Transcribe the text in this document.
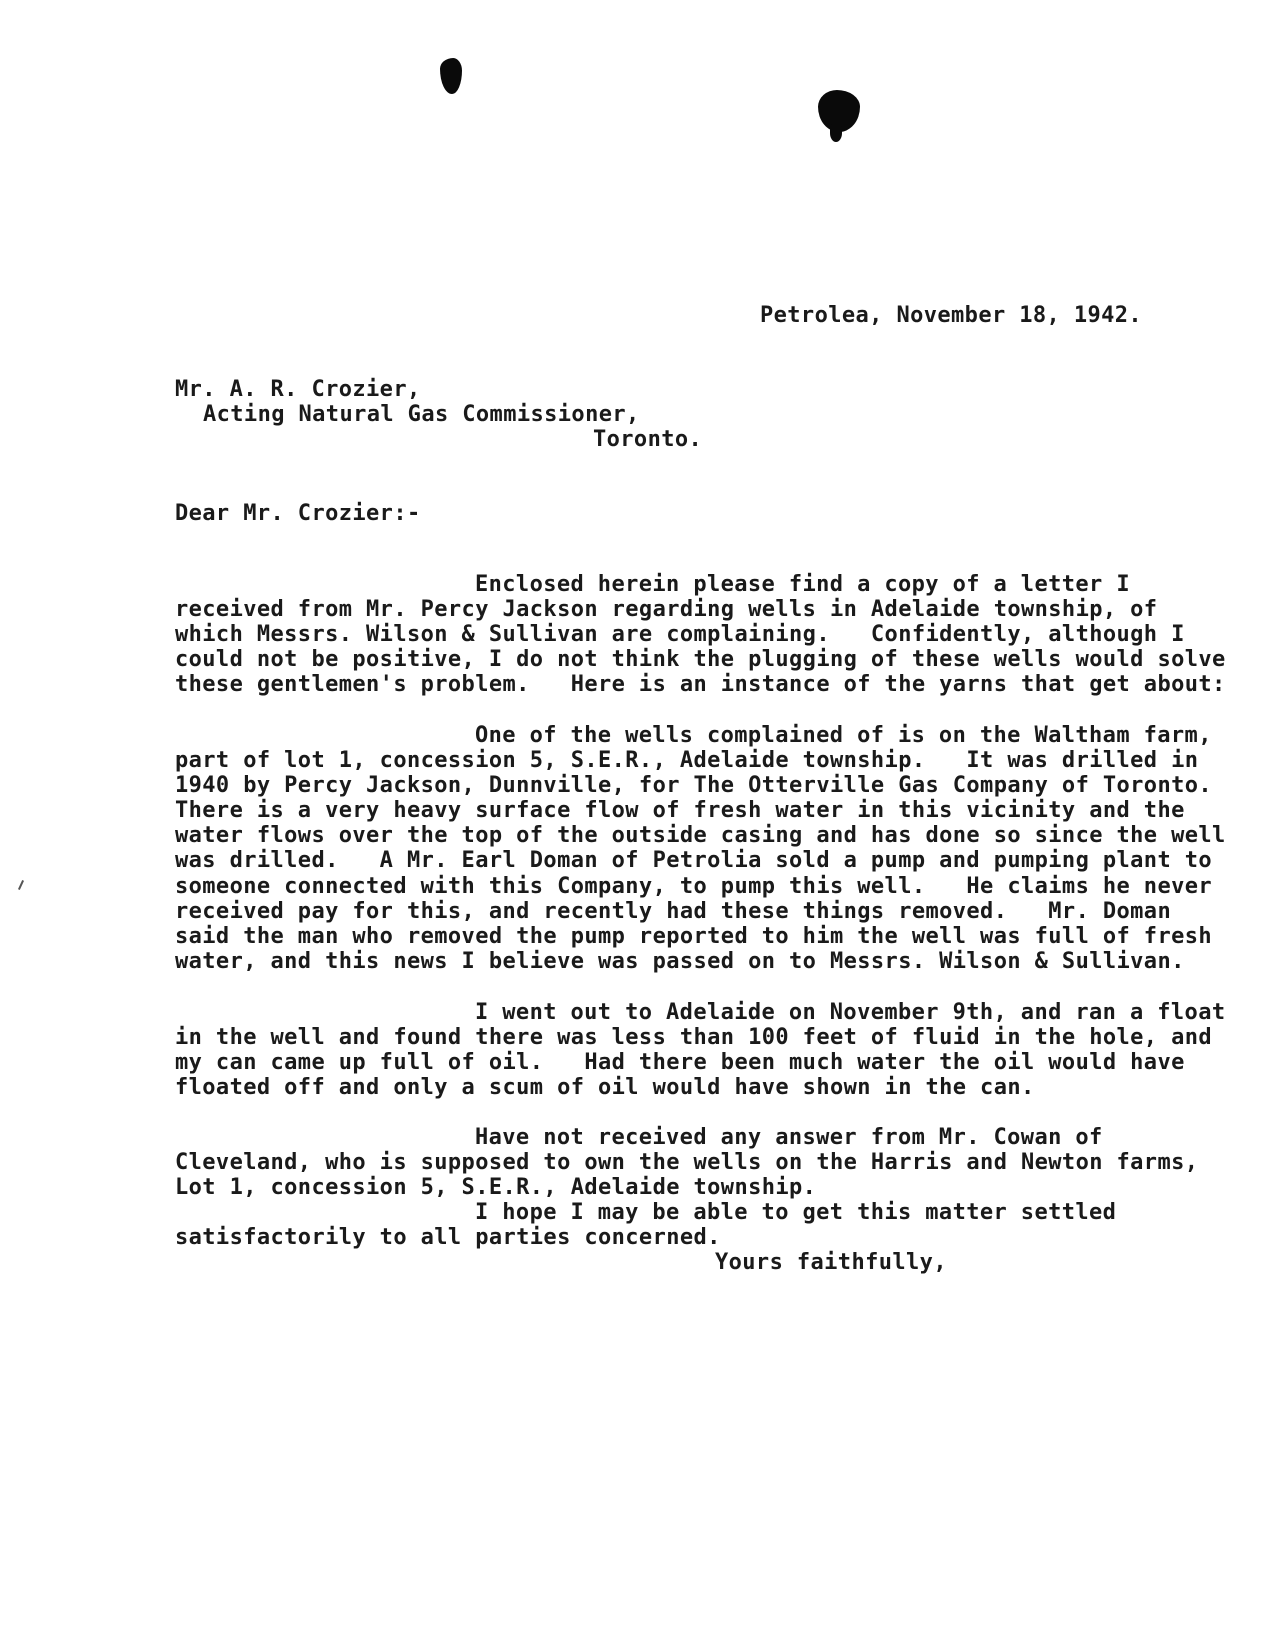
Petrolea, November 18, 1942.
Mr. A. R. Crozier,
Acting Natural Gas Commissioner,
Toronto.
Dear Mr. Crozier:-

Enclosed herein please find a copy of a letter I received from Mr. Percy Jackson regarding wells in Adelaide township, of which Messrs. Wilson & Sullivan are complaining.   Confidently, although I could not be positive, I do not think the plugging of these wells would solve these gentlemen's problem.   Here is an instance of the yarns that get about:

One of the wells complained of is on the Waltham farm, part of lot 1, concession 5, S.E.R., Adelaide township.   It was drilled in 1940 by Percy Jackson, Dunnville, for The Otterville Gas Company of Toronto.   There is a very heavy surface flow of fresh water in this vicinity and the water flows over the top of the outside casing and has done so since the well was drilled.   A Mr. Earl Doman of Petrolia sold a pump and pumping plant to someone connected with this Company, to pump this well.   He claims he never received pay for this, and recently had these things removed.   Mr. Doman said the man who removed the pump reported to him the well was full of fresh water, and this news I believe was passed on to Messrs. Wilson & Sullivan.

I went out to Adelaide on November 9th, and ran a float in the well and found there was less than 100 feet of fluid in the hole, and my can came up full of oil.   Had there been much water the oil would have floated off and only a scum of oil would have shown in the can.

Have not received any answer from Mr. Cowan of Cleveland, who is supposed to own the wells on the Harris and Newton farms, Lot 1, concession 5, S.E.R., Adelaide township.

I hope I may be able to get this matter settled satisfactorily to all parties concerned.

Yours faithfully,
